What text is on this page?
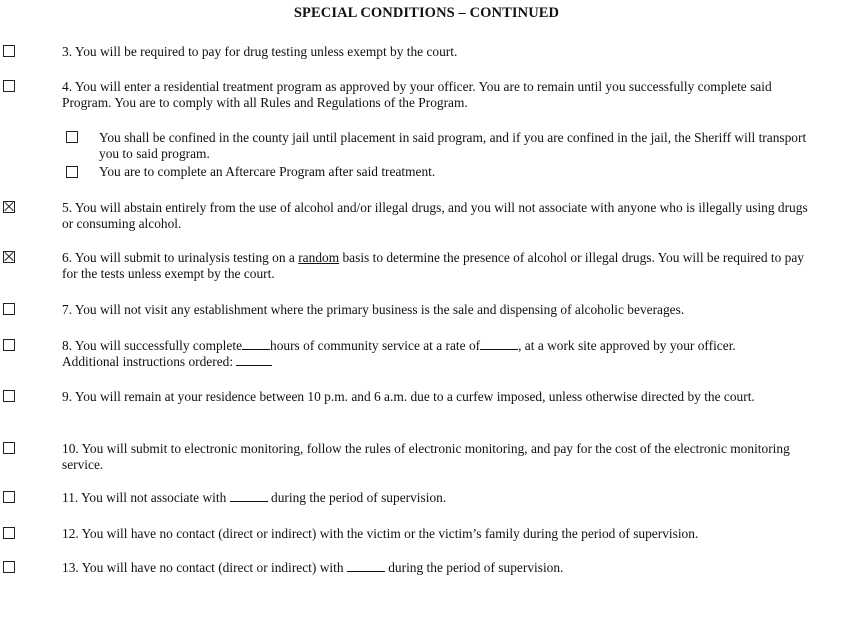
SPECIAL CONDITIONS – CONTINUED
3. You will be required to pay for drug testing unless exempt by the court.
4. You will enter a residential treatment program as approved by your officer. You are to remain until you successfully complete said Program. You are to comply with all Rules and Regulations of the Program.
You shall be confined in the county jail until placement in said program, and if you are confined in the jail, the Sheriff will transport you to said program.
You are to complete an Aftercare Program after said treatment.
5. You will abstain entirely from the use of alcohol and/or illegal drugs, and you will not associate with anyone who is illegally using drugs or consuming alcohol.
6. You will submit to urinalysis testing on a random basis to determine the presence of alcohol or illegal drugs. You will be required to pay for the tests unless exempt by the court.
7. You will not visit any establishment where the primary business is the sale and dispensing of alcoholic beverages.
8. You will successfully complete hours of community service at a rate of	, at a work site approved by your officer.
Additional instructions ordered:
9. You will remain at your residence between 10 p.m. and 6 a.m. due to a curfew imposed, unless otherwise directed by the court.
10. You will submit to electronic monitoring, follow the rules of electronic monitoring, and pay for the cost of the electronic monitoring service.
11. You will not associate with	during the period of supervision.
12. You will have no contact (direct or indirect) with the victim or the victim’s family during the period of supervision.
13. You will have no contact (direct or indirect) with	during the period of supervision.
